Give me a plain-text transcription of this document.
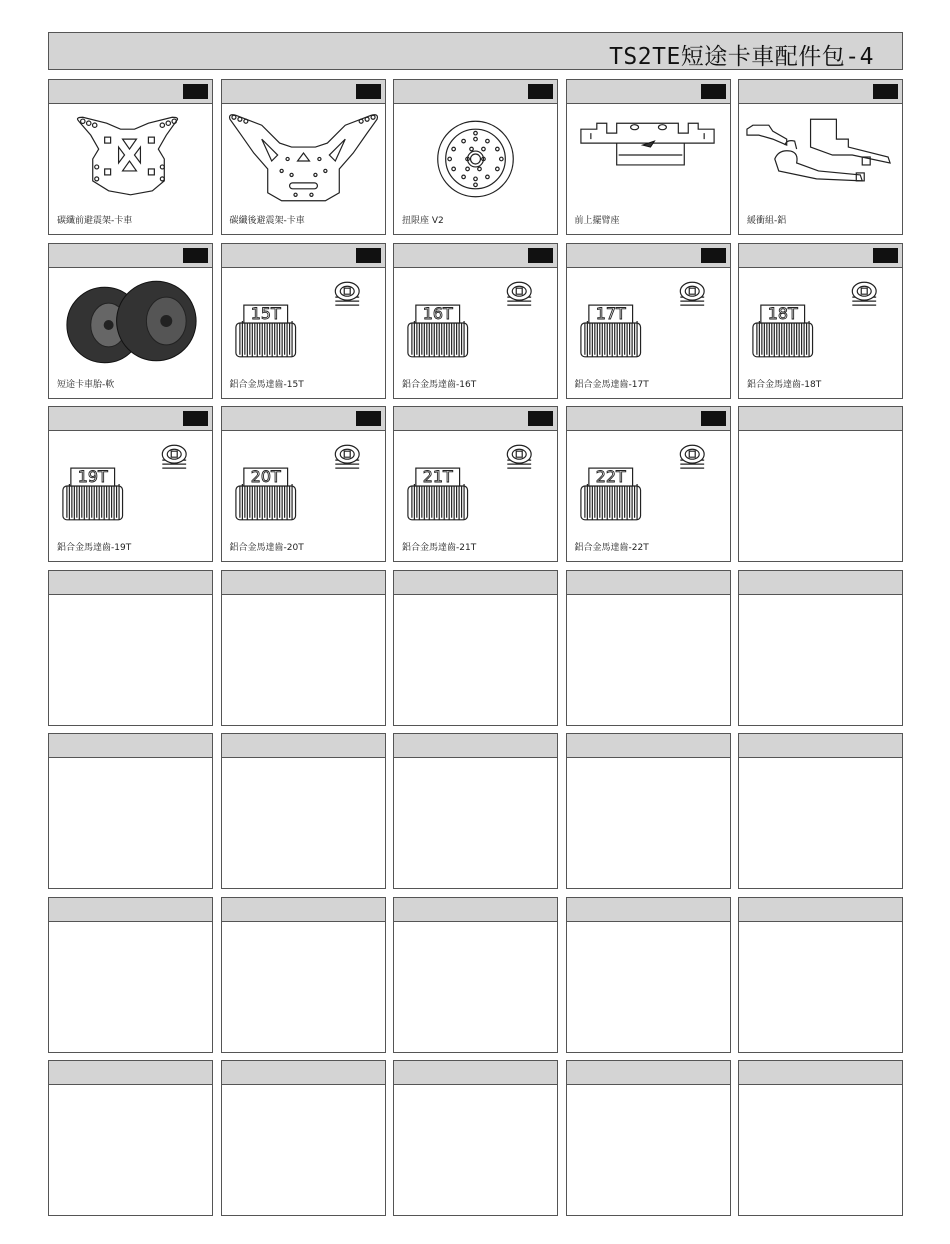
TS2TE短途卡車配件包-4
碳纖前避震架-卡車	碳纖後避震架-卡車	扭限座 V2	前上擺臂座	緩衝組-鋁
短途卡車胎-軟
15T
鋁合金馬達齒-15T
16T
鋁合金馬達齒-16T
17T
鋁合金馬達齒-17T
18T
鋁合金馬達齒-18T
19T
鋁合金馬達齒-19T
20T
鋁合金馬達齒-20T
21T
鋁合金馬達齒-21T
22T
鋁合金馬達齒-22T
